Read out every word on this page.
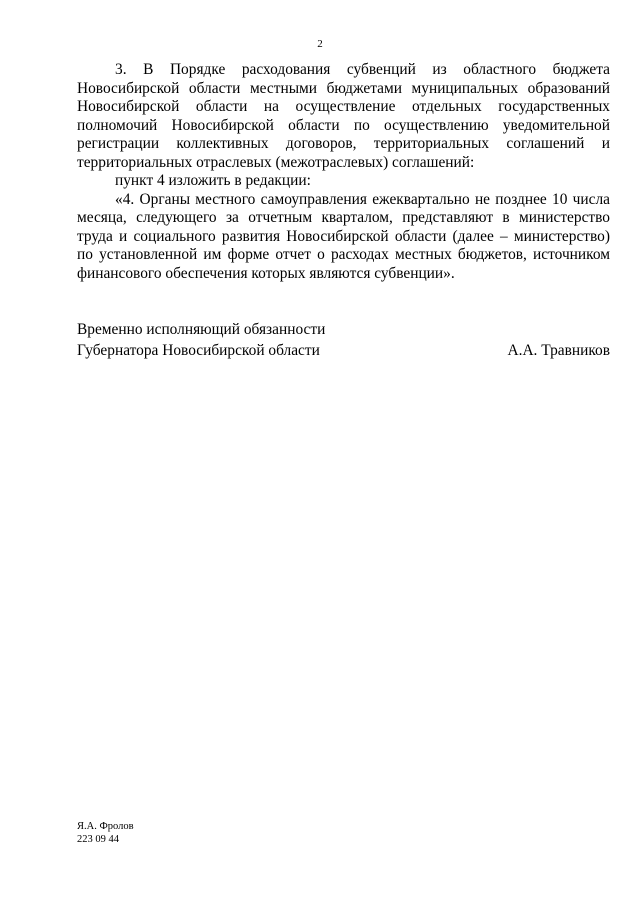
2

3. В Порядке расходования субвенций из областного бюджета Новосибирской области местными бюджетами муниципальных образований Новосибирской области на осуществление отдельных государственных полномочий Новосибирской области по осуществлению уведомительной регистрации коллективных договоров, территориальных соглашений и территориальных отраслевых (межотраслевых) соглашений:

пункт 4 изложить в редакции:

«4. Органы местного самоуправления ежеквартально не позднее 10 числа месяца, следующего за отчетным кварталом, представляют в министерство труда и социального развития Новосибирской области (далее – министерство) по установленной им форме отчет о расходах местных бюджетов, источником финансового обеспечения которых являются субвенции».

Временно исполняющий обязанности
Губернатора Новосибирской области	А.А. Травников
Я.А. Фролов
223 09 44
